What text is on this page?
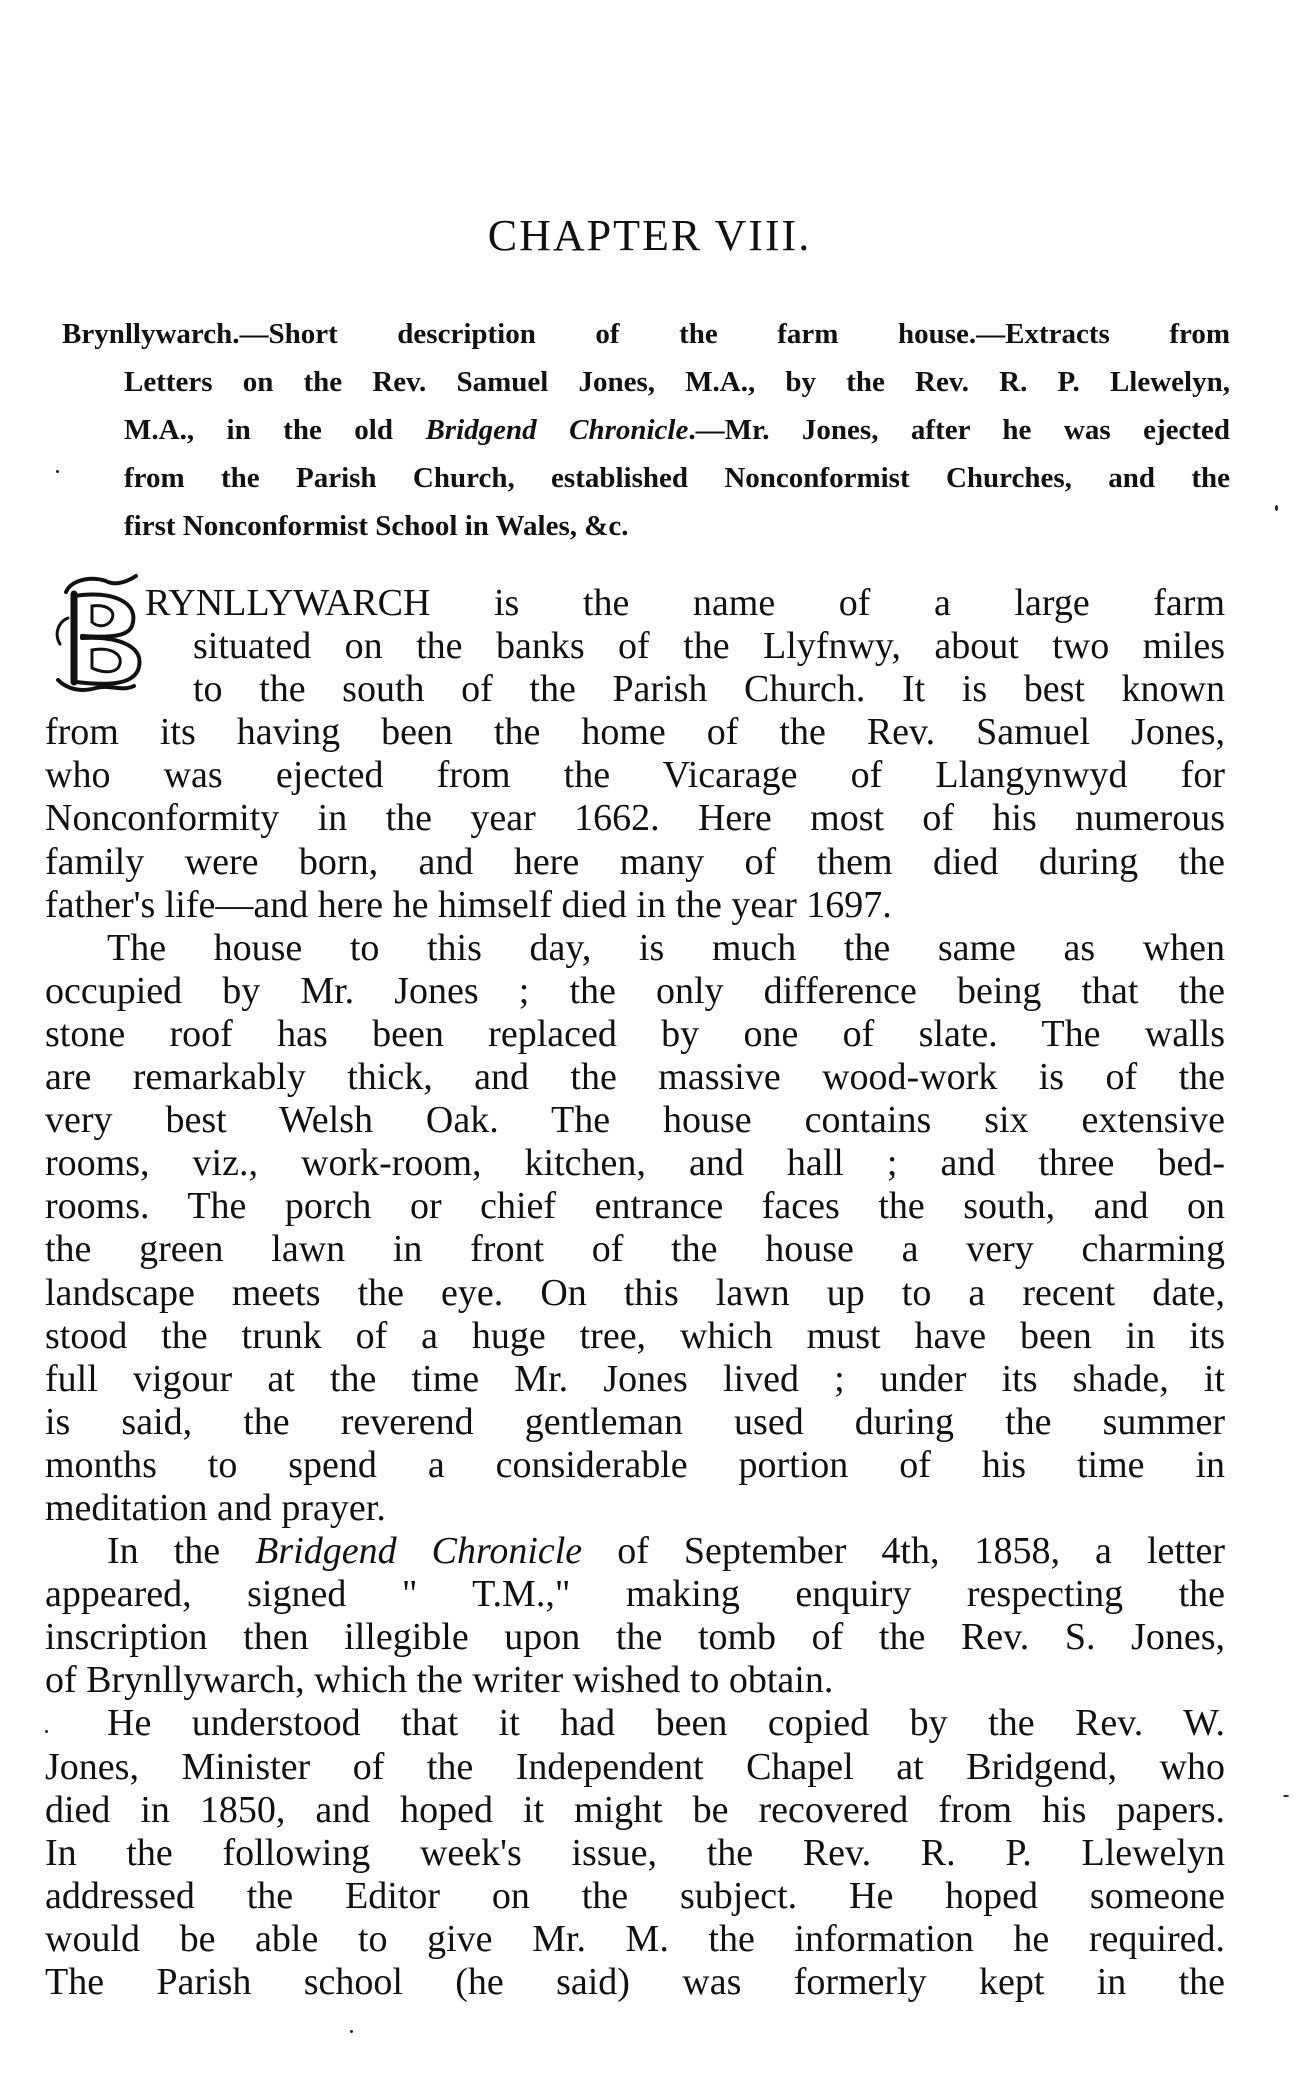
CHAPTER VIII.
Brynllywarch.—Short description of the farm house.—Extracts from
Letters on the Rev. Samuel Jones, M.A., by the Rev. R. P. Llewelyn,
M.A., in the old Bridgend Chronicle.—Mr. Jones, after he was ejected
from the Parish Church, established Nonconformist Churches, and the
first Nonconformist School in Wales, &c.
RYNLLYWARCH is the name of a large farm
situated on the banks of the Llyfnwy, about two miles
to the south of the Parish Church. It is best known
from its having been the home of the Rev. Samuel Jones,
who was ejected from the Vicarage of Llangynwyd for
Nonconformity in the year 1662. Here most of his numerous
family were born, and here many of them died during the
father's life—and here he himself died in the year 1697.
The house to this day, is much the same as when
occupied by Mr. Jones ; the only difference being that the
stone roof has been replaced by one of slate. The walls
are remarkably thick, and the massive wood-work is of the
very best Welsh Oak. The house contains six extensive
rooms, viz., work-room, kitchen, and hall ; and three bed-
rooms. The porch or chief entrance faces the south, and on
the green lawn in front of the house a very charming
landscape meets the eye. On this lawn up to a recent date,
stood the trunk of a huge tree, which must have been in its
full vigour at the time Mr. Jones lived ; under its shade, it
is said, the reverend gentleman used during the summer
months to spend a considerable portion of his time in
meditation and prayer.
In the Bridgend Chronicle of September 4th, 1858, a letter
appeared, signed " T.M.," making enquiry respecting the
inscription then illegible upon the tomb of the Rev. S. Jones,
of Brynllywarch, which the writer wished to obtain.
He understood that it had been copied by the Rev. W.
Jones, Minister of the Independent Chapel at Bridgend, who
died in 1850, and hoped it might be recovered from his papers.
In the following week's issue, the Rev. R. P. Llewelyn
addressed the Editor on the subject. He hoped someone
would be able to give Mr. M. the information he required.
The Parish school (he said) was formerly kept in the
